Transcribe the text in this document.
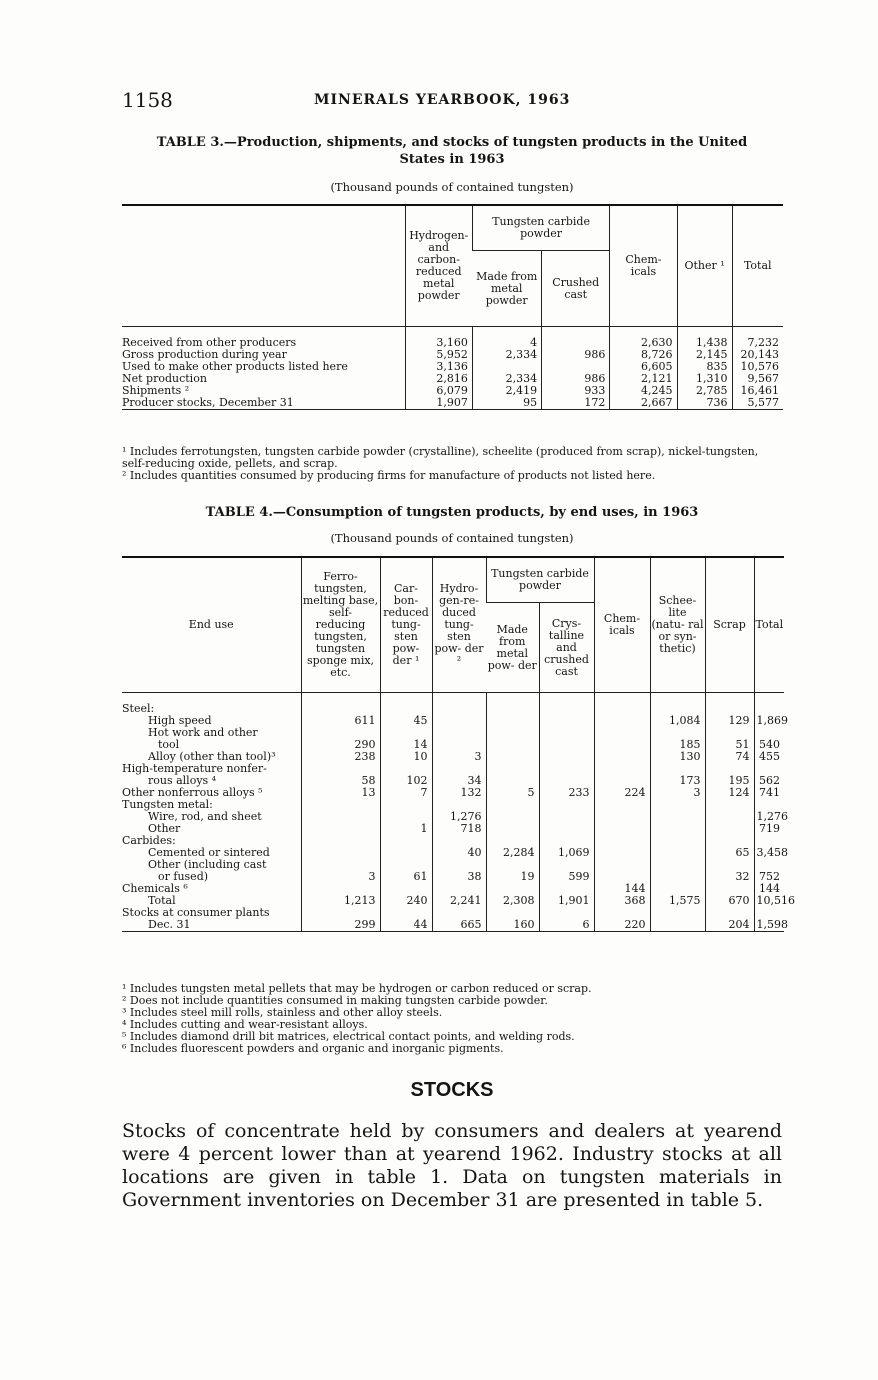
1158	MINERALS YEARBOOK, 1963
TABLE 3.—Production, shipments, and stocks of tungsten products in the United
States in 1963
(Thousand pounds of contained tungsten)
	Hydrogen- and carbon- reduced metal powder	Tungsten carbide powder		Chem- icals	Other ¹	Total
		Made from metal powder	Crushed cast			

Received from other producers	3,160	4		2,630	1,438	7,232
Gross production during year	5,952	2,334	986	8,726	2,145	20,143
Used to make other products listed here	3,136			6,605	835	10,576
Net production	2,816	2,334	986	2,121	1,310	9,567
Shipments ²	6,079	2,419	933	4,245	2,785	16,461
Producer stocks, December 31	1,907	95	172	2,667	736	5,577

¹ Includes ferrotungsten, tungsten carbide powder (crystalline), scheelite (produced from scrap), nickel-tungsten, self-reducing oxide, pellets, and scrap.

² Includes quantities consumed by producing firms for manufacture of products not listed here.

TABLE 4.—Consumption of tungsten products, by end uses, in 1963
(Thousand pounds of contained tungsten)
End use	Ferro- tungsten, melting base, self- reducing tungsten, tungsten sponge mix, etc.	Car- bon- reduced tung- sten pow- der ¹	Hydro- gen-re- duced tung- sten pow- der ²	Tungsten carbide powder		Chem- icals	Schee- lite (natu- ral or syn- thetic)	Scrap	Total
				Made from metal pow- der	Crys- talline and crushed cast				

Steel:									
High speed	611	45					1,084	129	1,869
Hot work and other									
tool	290	14					185	51	540
Alloy (other than tool)³	238	10	3				130	74	455
High-temperature nonfer-									
rous alloys ⁴	58	102	34				173	195	562
Other nonferrous alloys ⁵	13	7	132	5	233	224	3	124	741
Tungsten metal:									
Wire, rod, and sheet			1,276						1,276
Other		1	718						719
Carbides:									
Cemented or sintered			40	2,284	1,069			65	3,458
Other (including cast									
or fused)	3	61	38	19	599			32	752
Chemicals ⁶						144			144
Total	1,213	240	2,241	2,308	1,901	368	1,575	670	10,516
Stocks at consumer plants									
Dec. 31	299	44	665	160	6	220		204	1,598

¹ Includes tungsten metal pellets that may be hydrogen or carbon reduced or scrap.

² Does not include quantities consumed in making tungsten carbide powder.

³ Includes steel mill rolls, stainless and other alloy steels.

⁴ Includes cutting and wear-resistant alloys.

⁵ Includes diamond drill bit matrices, electrical contact points, and welding rods.

⁶ Includes fluorescent powders and organic and inorganic pigments.

STOCKS
Stocks of concentrate held by consumers and dealers at yearend were 4 percent lower than at yearend 1962. Industry stocks at all locations are given in table 1. Data on tungsten materials in Government inventories on December 31 are presented in table 5.
